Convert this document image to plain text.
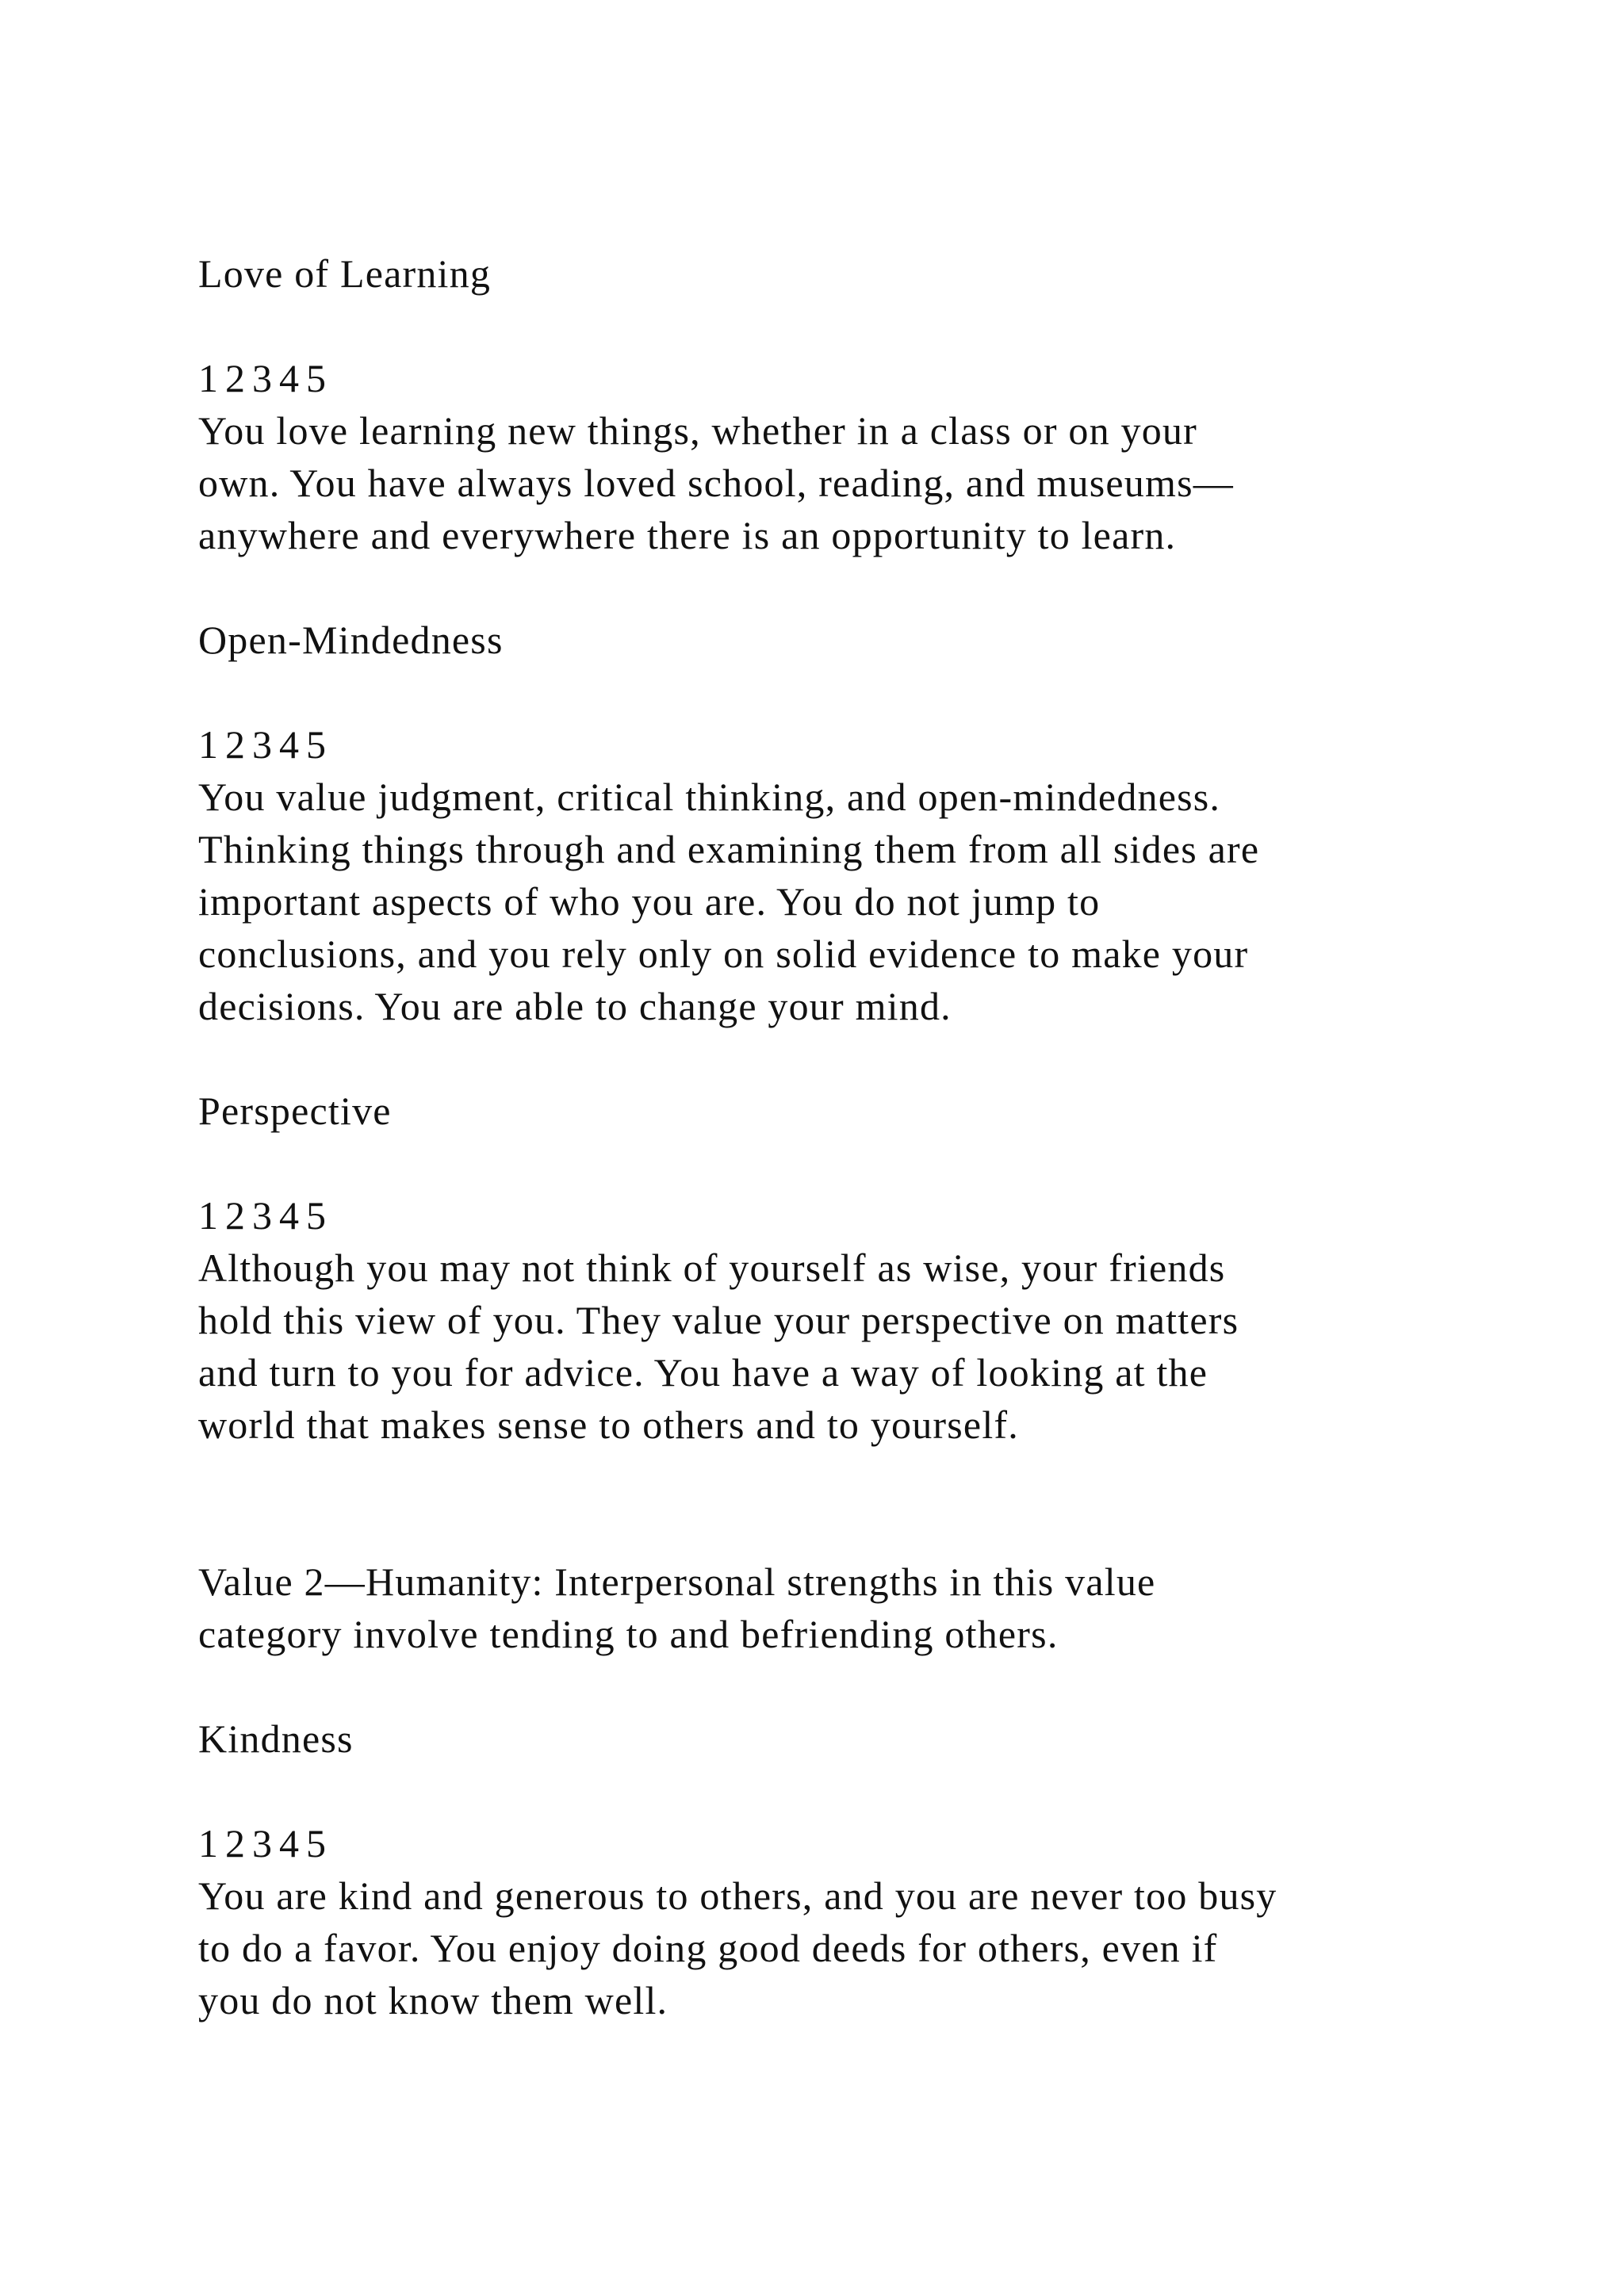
Love of Learning
1 2 3 4 5
You love learning new things, whether in a class or on your
own. You have always loved school, reading, and museums—
anywhere and everywhere there is an opportunity to learn.
Open-Mindedness
1 2 3 4 5
You value judgment, critical thinking, and open-mindedness.
Thinking things through and examining them from all sides are
important aspects of who you are. You do not jump to
conclusions, and you rely only on solid evidence to make your
decisions. You are able to change your mind.
Perspective
1 2 3 4 5
Although you may not think of yourself as wise, your friends
hold this view of you. They value your perspective on matters
and turn to you for advice. You have a way of looking at the
world that makes sense to others and to yourself.
Value 2—Humanity: Interpersonal strengths in this value
category involve tending to and befriending others.
Kindness
1 2 3 4 5
You are kind and generous to others, and you are never too busy
to do a favor. You enjoy doing good deeds for others, even if
you do not know them well.
